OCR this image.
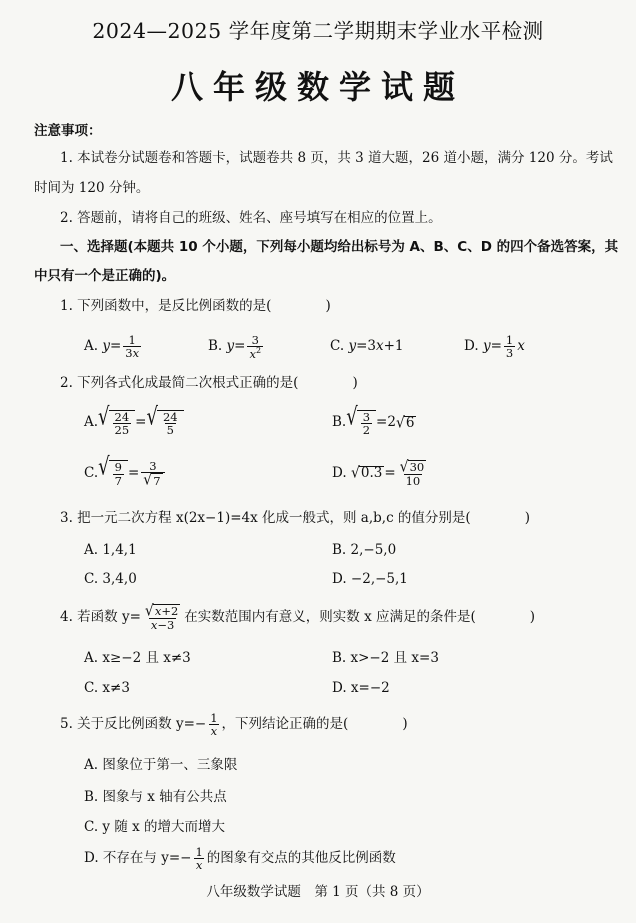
2024—2025 学年度第二学期期末学业水平检测
八年级数学试题
注意事项：
1. 本试卷分试题卷和答题卡，试题卷共 8 页，共 3 道大题，26 道小题，满分 120 分。考试
时间为 120 分钟。
2. 答题前，请将自己的班级、姓名、座号填写在相应的位置上。
一、选择题(本题共 10 个小题，下列每小题均给出标号为 A、B、C、D 的四个备选答案，其
中只有一个是正确的)。
1. 下列函数中，是反比例函数的是(　　　　)
A.
$y = \frac{1}{3x}$	B.
$y = \frac{3}{x^2}$	C.
y =3 x +1	D.
$y = \frac{1}{3}$ x
2. 下列各式化成最简二次根式正确的是(　　　　)
A. √ $\frac{24}{25}$ = √ $\frac{24}{5}$	B. √ $\frac{3}{2} =2$ √ 6
C. √ $\frac{9}{7} = \frac{3}{√ 7}$	D.
√ $0.3 = \frac{√ 30}{10}$
3. 把一元二次方程 x(2x−1)=4x 化成一般式，则 a,b,c 的值分别是(　　　　)
A. 1,4,1	B. 2,−5,0
C. 3,4,0	D. −2,−5,1
4. 若函数 $y= \frac{√ x +2}{x-3}$ 在实数范围内有意义，则实数 x 应满足的条件是(　　　　)
A. x≥−2 且 x≠3	B. x>−2 且 x=3
C. x≠3	D. x=−2
5. 关于反比例函数 $y=- \frac{1}{x}$ ，下列结论正确的是(　　　　)
A. 图象位于第一、三象限
B. 图象与 x 轴有公共点
C. y 随 x 的增大而增大
D. 不存在与 $y=- \frac{1}{x}$ 的图象有交点的其他反比例函数
八年级数学试题　第 1 页（共 8 页）
